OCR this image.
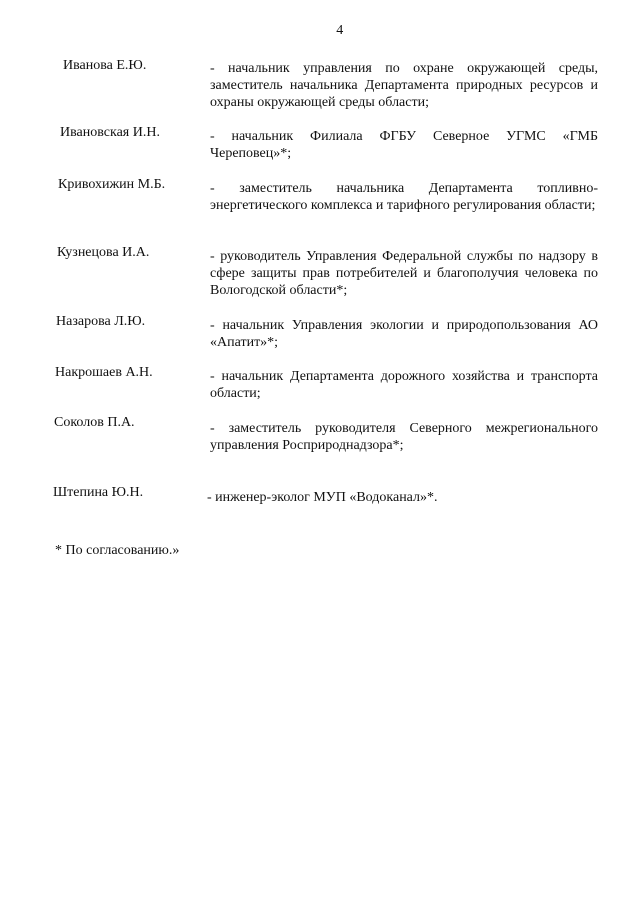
4
Иванова Е.Ю.	- начальник управления по охране окружающей среды, заместитель начальника Департамента природных ресурсов и охраны окружающей среды области;
Ивановская И.Н.	- начальник Филиала ФГБУ Северное УГМС «ГМБ Череповец»*;
Кривохижин М.Б.	- заместитель начальника Департамента топливно-энергетического комплекса и тарифного регулирования области;
Кузнецова И.А.	- руководитель Управления Федеральной службы по надзору в сфере защиты прав потребителей и благополучия человека по Вологодской области*;
Назарова Л.Ю.	- начальник Управления экологии и природопользования АО «Апатит»*;
Накрошаев А.Н.	- начальник Департамента дорожного хозяйства и транспорта области;
Соколов П.А.	- заместитель руководителя Северного межрегионального управления Росприроднадзора*;
Штепина Ю.Н.	- инженер-эколог МУП «Водоканал»*.
* По согласованию.»
